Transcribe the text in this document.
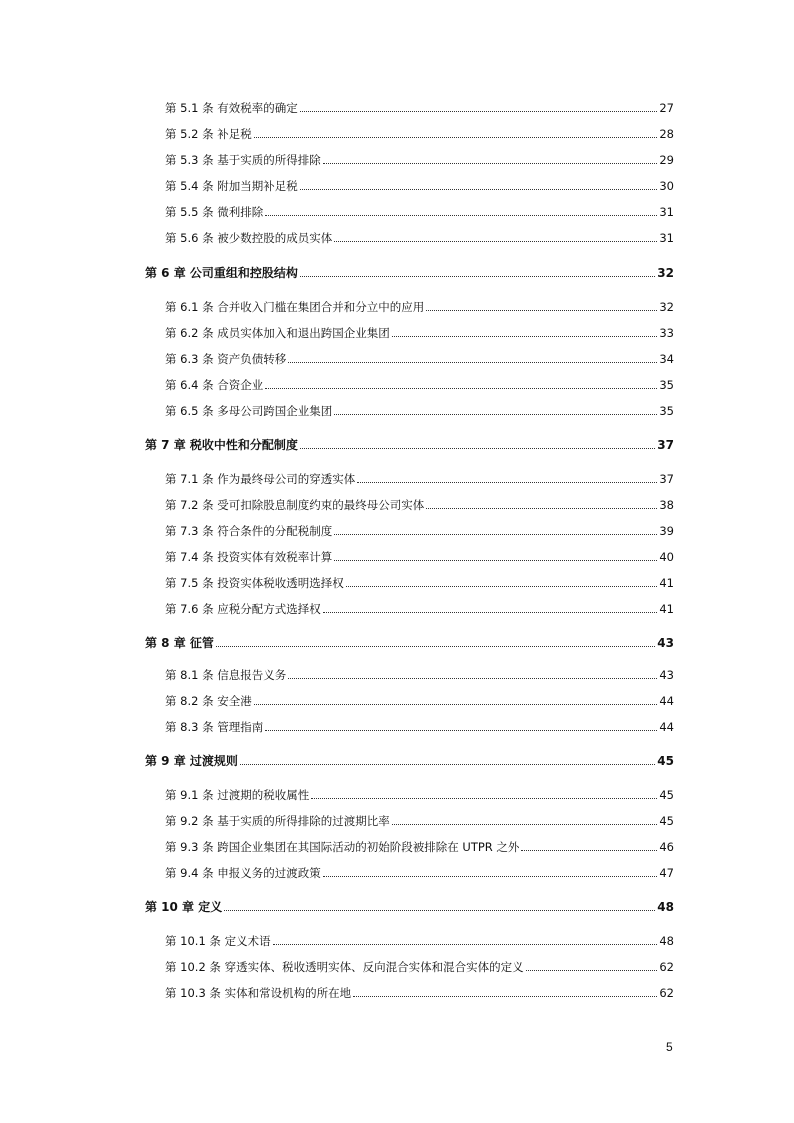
第 5.1 条 有效税率的确定	27
第 5.2 条 补足税	28
第 5.3 条 基于实质的所得排除	29
第 5.4 条 附加当期补足税	30
第 5.5 条 微利排除	31
第 5.6 条 被少数控股的成员实体	31
第 6 章 公司重组和控股结构	32
第 6.1 条 合并收入门槛在集团合并和分立中的应用	32
第 6.2 条 成员实体加入和退出跨国企业集团	33
第 6.3 条 资产负债转移	34
第 6.4 条 合资企业	35
第 6.5 条 多母公司跨国企业集团	35
第 7 章 税收中性和分配制度	37
第 7.1 条 作为最终母公司的穿透实体	37
第 7.2 条 受可扣除股息制度约束的最终母公司实体	38
第 7.3 条 符合条件的分配税制度	39
第 7.4 条 投资实体有效税率计算	40
第 7.5 条 投资实体税收透明选择权	41
第 7.6 条 应税分配方式选择权	41
第 8 章 征管	43
第 8.1 条 信息报告义务	43
第 8.2 条 安全港	44
第 8.3 条 管理指南	44
第 9 章 过渡规则	45
第 9.1 条 过渡期的税收属性	45
第 9.2 条 基于实质的所得排除的过渡期比率	45
第 9.3 条 跨国企业集团在其国际活动的初始阶段被排除在 UTPR 之外	46
第 9.4 条 申报义务的过渡政策	47
第 10 章 定义	48
第 10.1 条 定义术语	48
第 10.2 条 穿透实体、税收透明实体、反向混合实体和混合实体的定义	62
第 10.3 条 实体和常设机构的所在地	62
5
